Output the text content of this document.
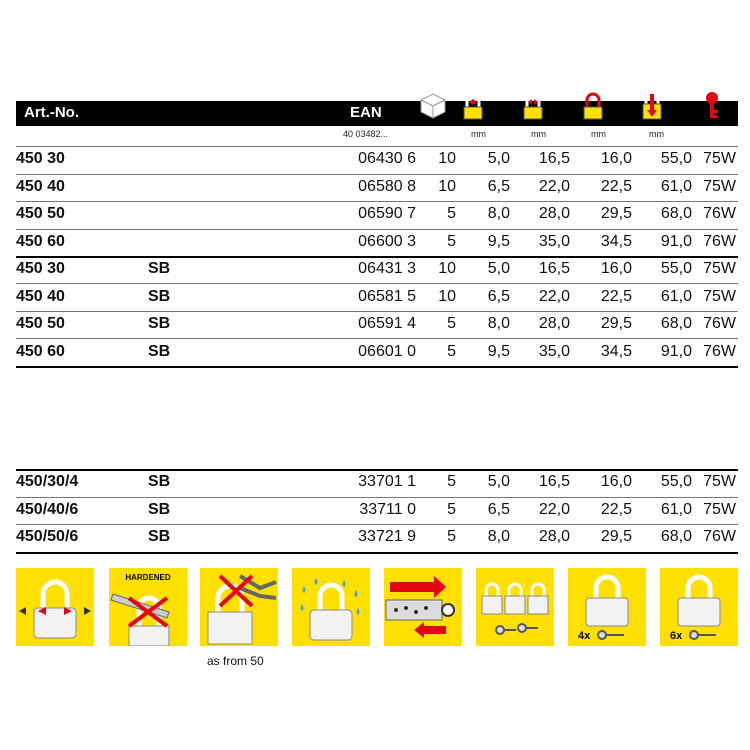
Art.-No.	EAN
40 03482...	mm	mm	mm	mm
450 30	06430 6	10	5,0	16,5	16,0	55,0 75W
450 40	06580 8	10	6,5	22,0	22,5	61,0 75W
450 50	06590 7	5	8,0	28,0	29,5	68,0 76W
450 60	06600 3	5	9,5	35,0	34,5	91,0 76W
450 30	SB	06431 3	10	5,0	16,5	16,0	55,0 75W
450 40	SB	06581 5	10	6,5	22,0	22,5	61,0 75W
450 50	SB	06591 4	5	8,0	28,0	29,5	68,0 76W
450 60	SB	06601 0	5	9,5	35,0	34,5	91,0 76W
450/30/4	SB	33701 1	5	5,0	16,5	16,0	55,0 75W
450/40/6	SB	33711 0	5	6,5	22,0	22,5	61,0 75W
450/50/6	SB	33721 9	5	8,0	28,0	29,5	68,0 76W
HARDENED
4x	6x
as from 50
